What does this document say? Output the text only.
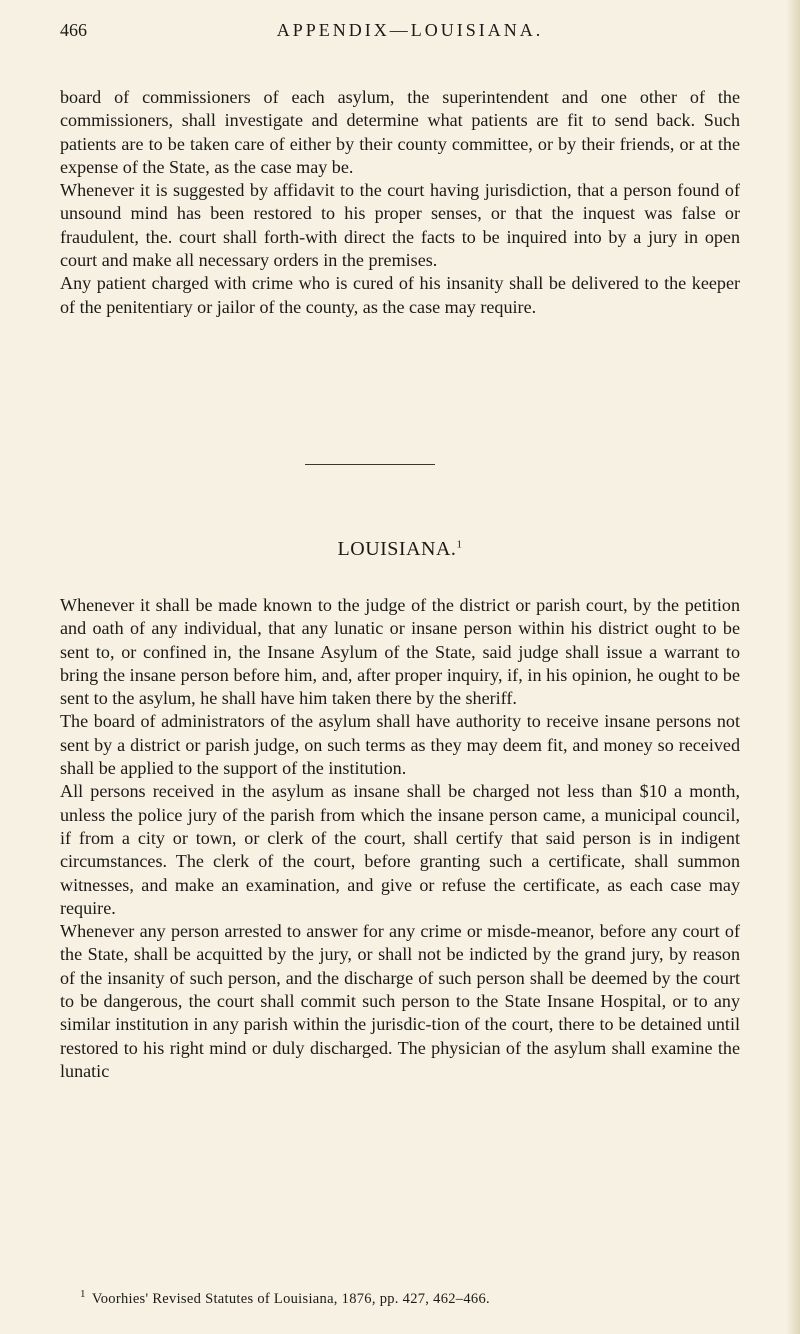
466	APPENDIX—LOUISIANA.

board of commissioners of each asylum, the superintendent and one other of the commissioners, shall investigate and determine what patients are fit to send back. Such patients are to be taken care of either by their county committee, or by their friends, or at the expense of the State, as the case may be.

Whenever it is suggested by affidavit to the court having jurisdiction, that a person found of unsound mind has been restored to his proper senses, or that the inquest was false or fraudulent, the. court shall forth-with direct the facts to be inquired into by a jury in open court and make all necessary orders in the premises.

Any patient charged with crime who is cured of his insanity shall be delivered to the keeper of the penitentiary or jailor of the county, as the case may require.

LOUISIANA.$^1$

Whenever it shall be made known to the judge of the district or parish court, by the petition and oath of any individual, that any lunatic or insane person within his district ought to be sent to, or confined in, the Insane Asylum of the State, said judge shall issue a warrant to bring the insane person before him, and, after proper inquiry, if, in his opinion, he ought to be sent to the asylum, he shall have him taken there by the sheriff.

The board of administrators of the asylum shall have authority to receive insane persons not sent by a district or parish judge, on such terms as they may deem fit, and money so received shall be applied to the support of the institution.

All persons received in the asylum as insane shall be charged not less than $10 a month, unless the police jury of the parish from which the insane person came, a municipal council, if from a city or town, or clerk of the court, shall certify that said person is in indigent circumstances. The clerk of the court, before granting such a certificate, shall summon witnesses, and make an examination, and give or refuse the certificate, as each case may require.

Whenever any person arrested to answer for any crime or misde-meanor, before any court of the State, shall be acquitted by the jury, or shall not be indicted by the grand jury, by reason of the insanity of such person, and the discharge of such person shall be deemed by the court to be dangerous, the court shall commit such person to the State Insane Hospital, or to any similar institution in any parish within the jurisdic-tion of the court, there to be detained until restored to his right mind or duly discharged. The physician of the asylum shall examine the lunatic

$^1$ Voorhies' Revised Statutes of Louisiana, 1876, pp. 427, 462–466.
